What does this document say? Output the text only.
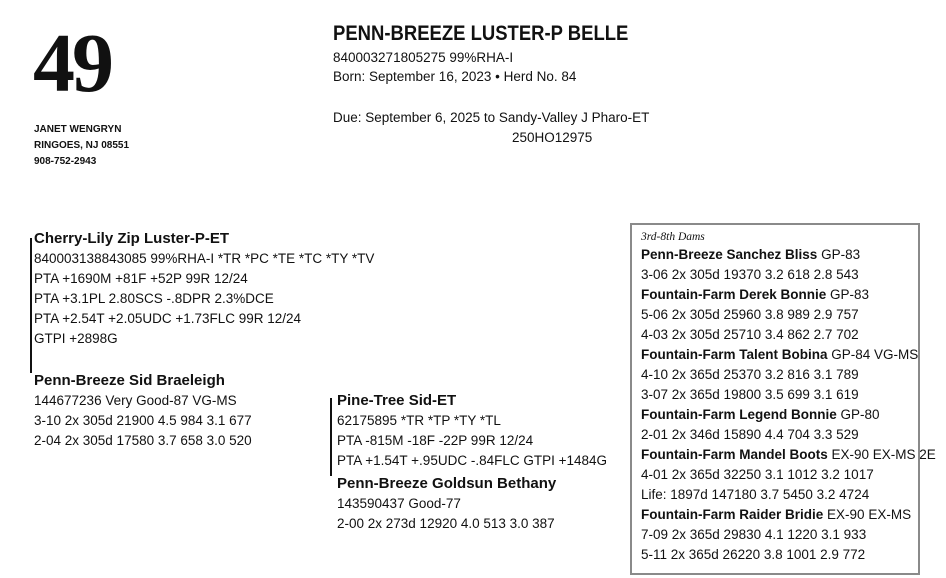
49
JANET WENGRYN
RINGOES, NJ 08551
908-752-2943
PENN-BREEZE LUSTER-P BELLE
840003271805275 99%RHA-I
Born: September 16, 2023 • Herd No. 84
Due: September 6, 2025 to Sandy-Valley J Pharo-ET
250HO12975
Cherry-Lily Zip Luster-P-ET
840003138843085 99%RHA-I *TR *PC *TE *TC *TY *TV
PTA +1690M +81F +52P 99R 12/24
PTA +3.1PL 2.80SCS -.8DPR 2.3%DCE
PTA +2.54T +2.05UDC +1.73FLC 99R 12/24
GTPI +2898G
Penn-Breeze Sid Braeleigh
144677236 Very Good-87 VG-MS
3-10 2x 305d 21900 4.5 984 3.1 677
2-04 2x 305d 17580 3.7 658 3.0 520
Pine-Tree Sid-ET
62175895 *TR *TP *TY *TL
PTA -815M -18F -22P 99R 12/24
PTA +1.54T +.95UDC -.84FLC GTPI +1484G
Penn-Breeze Goldsun Bethany
143590437 Good-77
2-00 2x 273d 12920 4.0 513 3.0 387
3rd-8th Dams
Penn-Breeze Sanchez Bliss GP-83
3-06 2x 305d 19370 3.2 618 2.8 543
Fountain-Farm Derek Bonnie GP-83
5-06 2x 305d 25960 3.8 989 2.9 757
4-03 2x 305d 25710 3.4 862 2.7 702
Fountain-Farm Talent Bobina GP-84 VG-MS
4-10 2x 365d 25370 3.2 816 3.1 789
3-07 2x 365d 19800 3.5 699 3.1 619
Fountain-Farm Legend Bonnie GP-80
2-01 2x 346d 15890 4.4 704 3.3 529
Fountain-Farm Mandel Boots EX-90 EX-MS 2E
4-01 2x 365d 32250 3.1 1012 3.2 1017
Life: 1897d 147180 3.7 5450 3.2 4724
Fountain-Farm Raider Bridie EX-90 EX-MS
7-09 2x 365d 29830 4.1 1220 3.1 933
5-11 2x 365d 26220 3.8 1001 2.9 772
